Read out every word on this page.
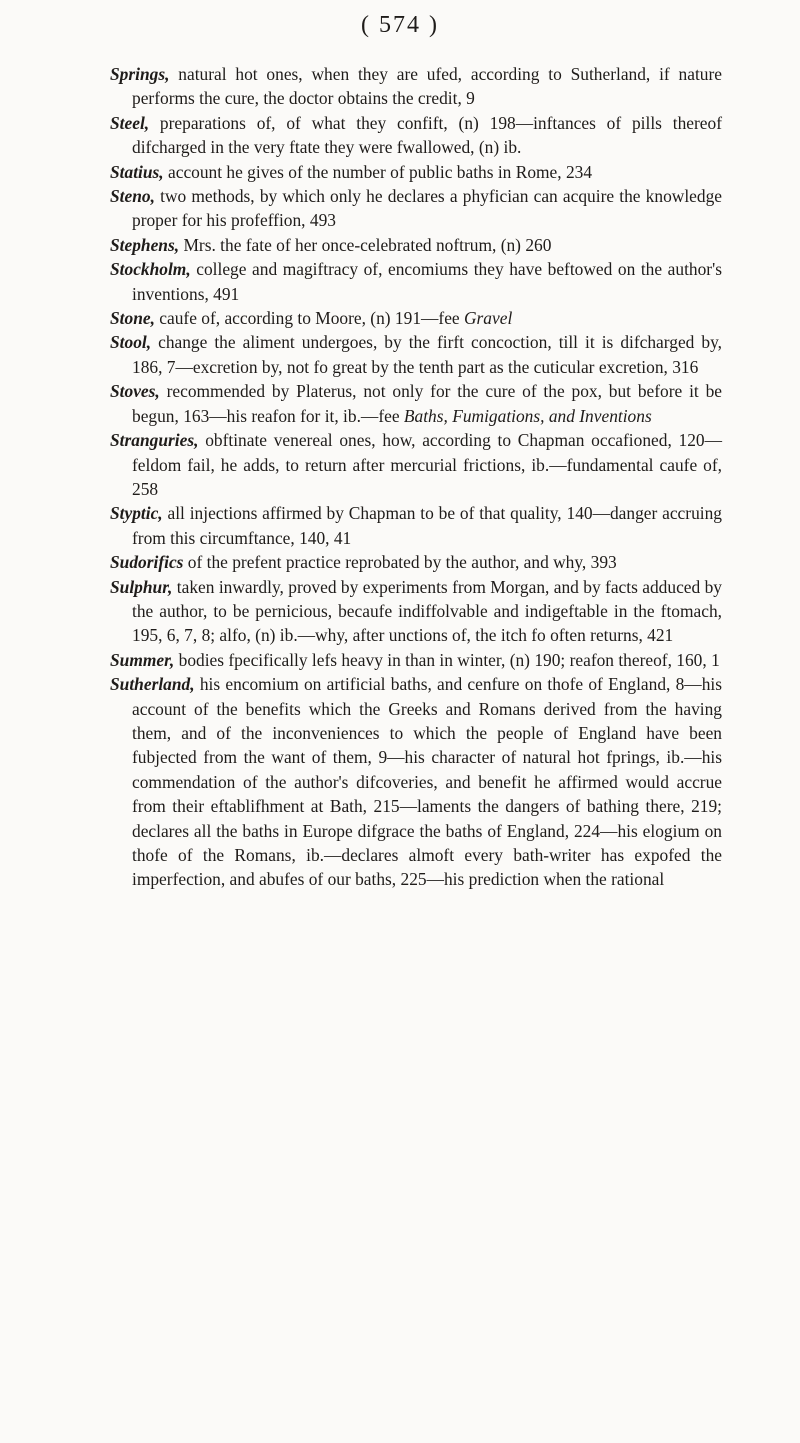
( 574 )

Springs, natural hot ones, when they are ufed, according to Sutherland, if nature performs the cure, the doctor obtains the credit, 9

Steel, preparations of, of what they confift, (n) 198—inftances of pills thereof difcharged in the very ftate they were fwallowed, (n) ib.

Statius, account he gives of the number of public baths in Rome, 234

Steno, two methods, by which only he declares a phyfician can acquire the knowledge proper for his profeffion, 493

Stephens, Mrs. the fate of her once-celebrated noftrum, (n) 260

Stockholm, college and magiftracy of, encomiums they have beftowed on the author's inventions, 491

Stone, caufe of, according to Moore, (n) 191—fee Gravel

Stool, change the aliment undergoes, by the firft concoction, till it is difcharged by, 186, 7—excretion by, not fo great by the tenth part as the cuticular excretion, 316

Stoves, recommended by Platerus, not only for the cure of the pox, but before it be begun, 163—his reafon for it, ib.—fee Baths, Fumigations, and Inventions

Stranguries, obftinate venereal ones, how, according to Chapman occafioned, 120—feldom fail, he adds, to return after mercurial frictions, ib.—fundamental caufe of, 258

Styptic, all injections affirmed by Chapman to be of that quality, 140—danger accruing from this circumftance, 140, 41

Sudorifics of the prefent practice reprobated by the author, and why, 393

Sulphur, taken inwardly, proved by experiments from Morgan, and by facts adduced by the author, to be pernicious, becaufe indiffolvable and indigeftable in the ftomach, 195, 6, 7, 8; alfo, (n) ib.—why, after unctions of, the itch fo often returns, 421

Summer, bodies fpecifically lefs heavy in than in winter, (n) 190; reafon thereof, 160, 1

Sutherland, his encomium on artificial baths, and cenfure on thofe of England, 8—his account of the benefits which the Greeks and Romans derived from the having them, and of the inconveniences to which the people of England have been fubjected from the want of them, 9—his character of natural hot fprings, ib.—his commendation of the author's difcoveries, and benefit he affirmed would accrue from their eftablifhment at Bath, 215—laments the dangers of bathing there, 219; declares all the baths in Europe difgrace the baths of England, 224—his elogium on thofe of the Romans, ib.—declares almoft every bath-writer has expofed the imperfection, and abufes of our baths, 225—his prediction when the rational
